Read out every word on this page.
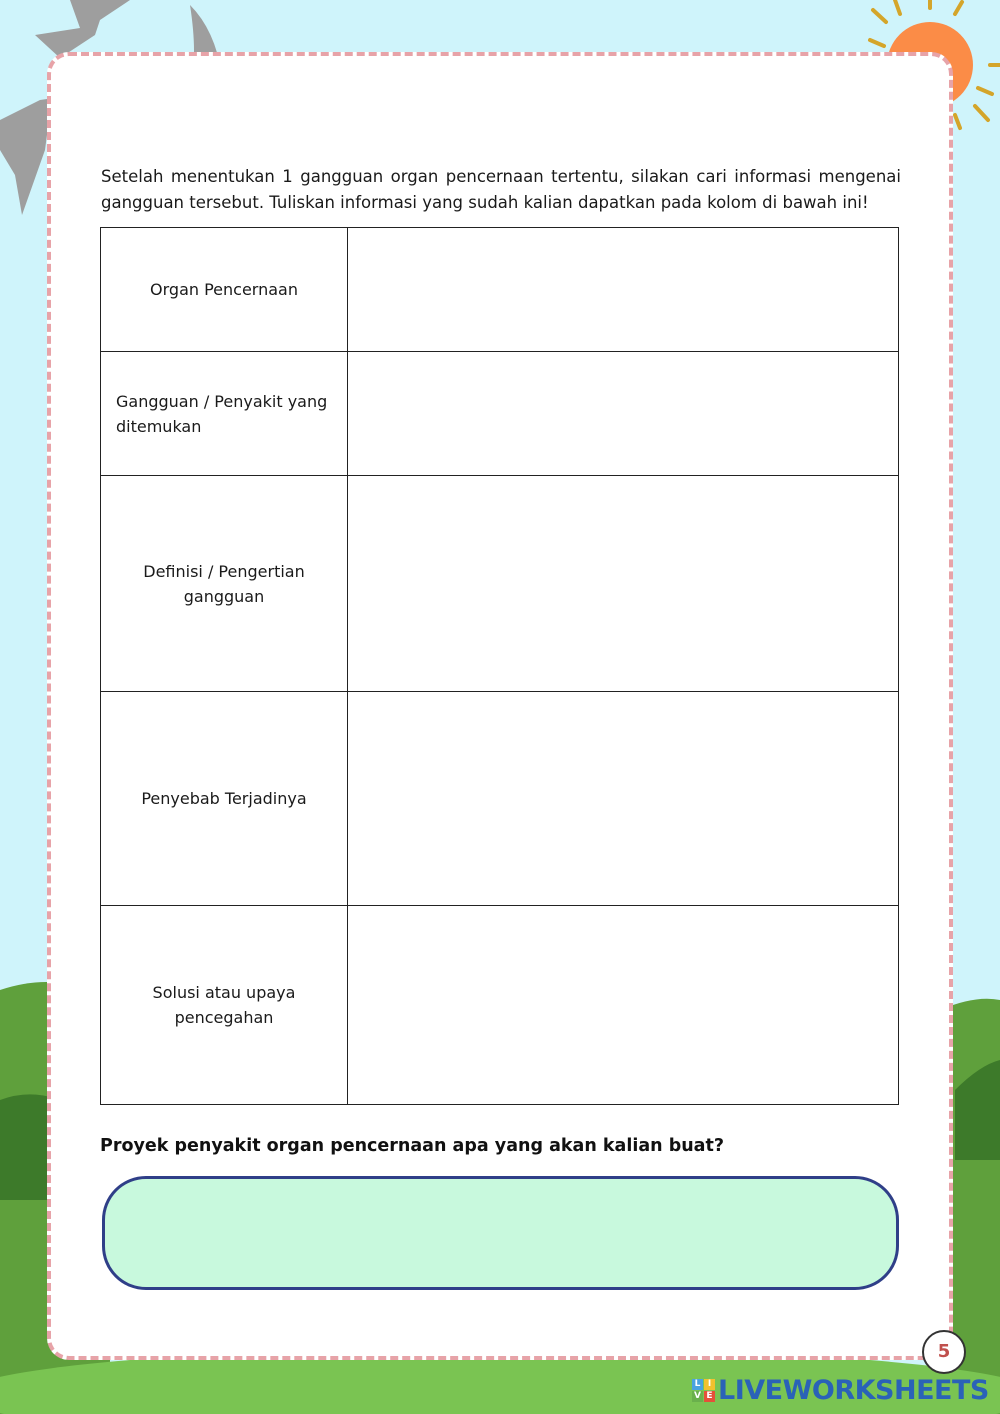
Setelah menentukan 1 gangguan organ pencernaan tertentu, silakan cari informasi mengenai gangguan tersebut. Tuliskan informasi yang sudah kalian dapatkan pada kolom di bawah ini!

Organ Pencernaan	
Gangguan / Penyakit yang ditemukan	
Definisi / Pengertian gangguan	
Penyebab Terjadinya	
Solusi atau upaya pencegahan	

Proyek penyakit organ pencernaan apa yang akan kalian buat?

5
L I
V E LIVEWORKSHEETS
